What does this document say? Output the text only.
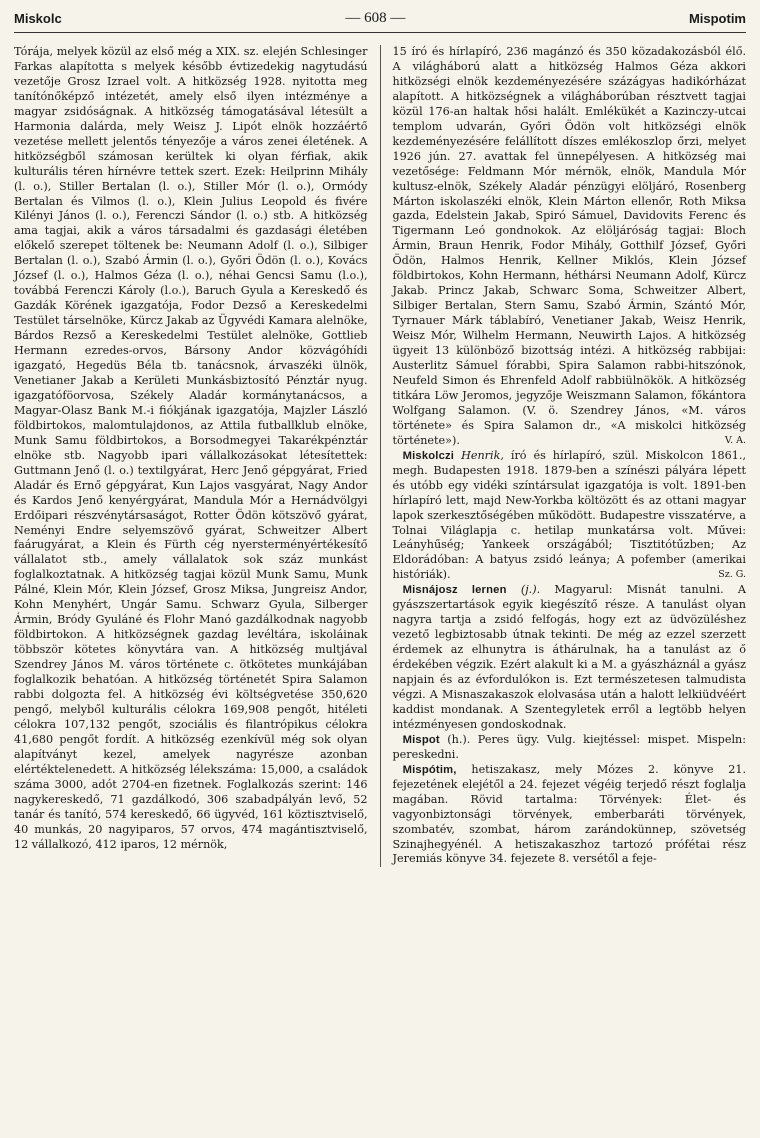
Miskolc	— 608 —	Mispotim

Tórája, melyek közül az első még a XIX. sz. elején Schlesinger Farkas alapította s melyek később évtizedekig nagytudású vezetője Grosz Izrael volt. A hitközség 1928. nyitotta meg tanítónőképző intézetét, amely első ilyen intézménye a magyar zsidóságnak. A hitközség támogatásával létesült a Harmonia dalárda, mely Weisz J. Lipót elnök hozzáértő vezetése mellett jelentős tényezője a város zenei életének. A hitközségből számosan kerültek ki olyan férfiak, akik kulturális téren hírnévre tettek szert. Ezek: Heilprinn Mihály (l. o.), Stiller Bertalan (l. o.), Stiller Mór (l. o.), Ormódy Bertalan és Vilmos (l. o.), Klein Julius Leopold és fivére Kilényi János (l. o.), Ferenczi Sándor (l. o.) stb. A hitközség ama tagjai, akik a város társadalmi és gazdasági életében előkelő szerepet töltenek be: Neumann Adolf (l. o.), Silbiger Bertalan (l. o.), Szabó Ármin (l. o.), Győri Ödön (l. o.), Kovács József (l. o.), Halmos Géza (l. o.), néhai Gencsi Samu (l.o.), továbbá Ferenczi Károly (l.o.), Baruch Gyula a Kereskedő és Gazdák Körének igazgatója, Fodor Dezső a Kereskedelmi Testület társelnöke, Kürcz Jakab az Ügyvédi Kamara alelnöke, Bárdos Rezső a Kereskedelmi Testület alelnöke, Gottlieb Hermann ezredes-orvos, Bársony Andor közvágóhídi igazgató, Hegedüs Béla tb. tanácsnok, árvaszéki ülnök, Venetianer Jakab a Kerületi Munkásbiztosító Pénztár nyug. igazgatóföorvosa, Székely Aladár kormánytanácsos, a Magyar-Olasz Bank M.-i fiókjának igazgatója, Majzler László földbirtokos, malomtulajdonos, az Attila futballklub elnöke, Munk Samu földbirtokos, a Borsodmegyei Takarékpénztár elnöke stb. Nagyobb ipari vállalkozásokat létesítettek: Guttmann Jenő (l. o.) textilgyárat, Herc Jenő gépgyárat, Fried Aladár és Ernő gépgyárat, Kun Lajos vasgyárat, Nagy Andor és Kardos Jenő kenyérgyárat, Mandula Mór a Hernádvölgyi Erdőipari részvénytársaságot, Rotter Ödön kötszövő gyárat, Neményi Endre selyemszövő gyárat, Schweitzer Albert faárugyárat, a Klein és Fürth cég nyersterményértékesítő vállalatot stb., amely vállalatok sok száz munkást foglalkoztatnak. A hitközség tagjai közül Munk Samu, Munk Pálné, Klein Mór, Klein József, Grosz Miksa, Jungreisz Andor, Kohn Menyhért, Ungár Samu. Schwarz Gyula, Silberger Ármin, Bródy Gyuláné és Flohr Manó gazdálkodnak nagyobb földbirtokon. A hitközségnek gazdag levéltára, iskoláinak többször kötetes könyvtára van. A hitközség multjával Szendrey János M. város története c. ötkötetes munkájában foglalkozik behatóan. A hitközség történetét Spira Salamon rabbi dolgozta fel. A hitközség évi költségvetése 350,620 pengő, melyből kulturális célokra 169,908 pengőt, hitéleti célokra 107,132 pengőt, szociális és filantrópikus célokra 41,680 pengőt fordít. A hitközség ezenkívül még sok olyan alapítványt kezel, amelyek nagyrésze azonban elértéktelenedett. A hitközség lélekszáma: 15,000, a családok száma 3000, adót 2704-en fizetnek. Foglalkozás szerint: 146 nagykereskedő, 71 gazdálkodó, 306 szabadpályán levő, 52 tanár és tanító, 574 kereskedő, 66 ügyvéd, 161 köztisztviselő, 40 munkás, 20 nagyiparos, 57 orvos, 474 magántisztviselő, 12 vállalkozó, 412 iparos, 12 mérnök,

15 író és hírlapíró, 236 magánzó és 350 közadakozásból élő. A világháború alatt a hitközség Halmos Géza akkori hitközségi elnök kezdeményezésére százágyas hadikórházat alapított. A hitközségnek a világháborúban résztvett tagjai közül 176-an haltak hősi halált. Emlékükét a Kazinczy-utcai templom udvarán, Győri Ödön volt hitközségi elnök kezdeményezésére felállított díszes emlékoszlop őrzi, melyet 1926 jún. 27. avattak fel ünnepélyesen. A hitközség mai vezetősége: Feldmann Mór mérnök, elnök, Mandula Mór kultusz-elnök, Székely Aladár pénzügyi elöljáró, Rosenberg Márton iskolaszéki elnök, Klein Márton ellenőr, Roth Miksa gazda, Edelstein Jakab, Spiró Sámuel, Davidovits Ferenc és Tigermann Leó gondnokok. Az elöljáróság tagjai: Bloch Ármin, Braun Henrik, Fodor Mihály, Gotthilf József, Győri Ödön, Halmos Henrik, Kellner Miklós, Klein József földbirtokos, Kohn Hermann, héthársi Neumann Adolf, Kürcz Jakab. Princz Jakab, Schwarc Soma, Schweitzer Albert, Silbiger Bertalan, Stern Samu, Szabó Ármin, Szántó Mór, Tyrnauer Márk táblabíró, Venetianer Jakab, Weisz Henrik, Weisz Mór, Wilhelm Hermann, Neuwirth Lajos. A hitközség ügyeit 13 különböző bizottság intézi. A hitközség rabbijai: Austerlitz Sámuel fórabbi, Spira Salamon rabbi-hitszónok, Neufeld Simon és Ehrenfeld Adolf rabbiülnökök. A hitközség titkára Löw Jeromos, jegyzője Weiszmann Salamon, főkántora Wolfgang Salamon. (V. ö. Szendrey János, «M. város története» és Spira Salamon dr., «A miskolci hitközség története»).	V. A.

Miskolczi Henrik, író és hírlapíró, szül. Miskolcon 1861., megh. Budapesten 1918. 1879-ben a színészi pályára lépett és utóbb egy vidéki színtársulat igazgatója is volt. 1891-ben hírlapíró lett, majd New-Yorkba költözött és az ottani magyar lapok szerkesztőségében működött. Budapestre visszatérve, a Tolnai Világlapja c. hetilap munkatársa volt. Művei: Leányhűség; Yankeek országából; Tisztitótűzben; Az Eldorádóban: A batyus zsidó leánya; A pofember (amerikai históriák).	Sz. G.

Misnájosz lernen (j.). Magyarul: Misnát tanulni. A gyászszertartások egyik kiegészítő része. A tanulást olyan nagyra tartja a zsidó felfogás, hogy ezt az üdvözüléshez vezető legbiztosabb útnak tekinti. De még az ezzel szerzett érdemek az elhunytra is áthárulnak, ha a tanulást az ő érdekében végzik. Ezért alakult ki a M. a gyászháznál a gyász napjain és az évfordulókon is. Ezt természetesen talmudista végzi. A Misnaszakaszok elolvasása után a halott lelkiüdvéért kaddist mondanak. A Szentegyletek erről a legtöbb helyen intézményesen gondoskodnak.

Mispot (h.). Peres ügy. Vulg. kiejtéssel: mispet. Mispeln: pereskedni.

Mispótim, hetiszakasz, mely Mózes 2. könyve 21. fejezetének elejétől a 24. fejezet végéig terjedő részt foglalja magában. Rövid tartalma: Törvények: Élet- és vagyonbiztonsági törvények, emberbaráti törvények, szombatév, szombat, három zarándokünnep, szövetség Szinajhegyénél. A hetiszakaszhoz tartozó prófétai rész Jeremiás könyve 34. fejezete 8. versétől a feje-
